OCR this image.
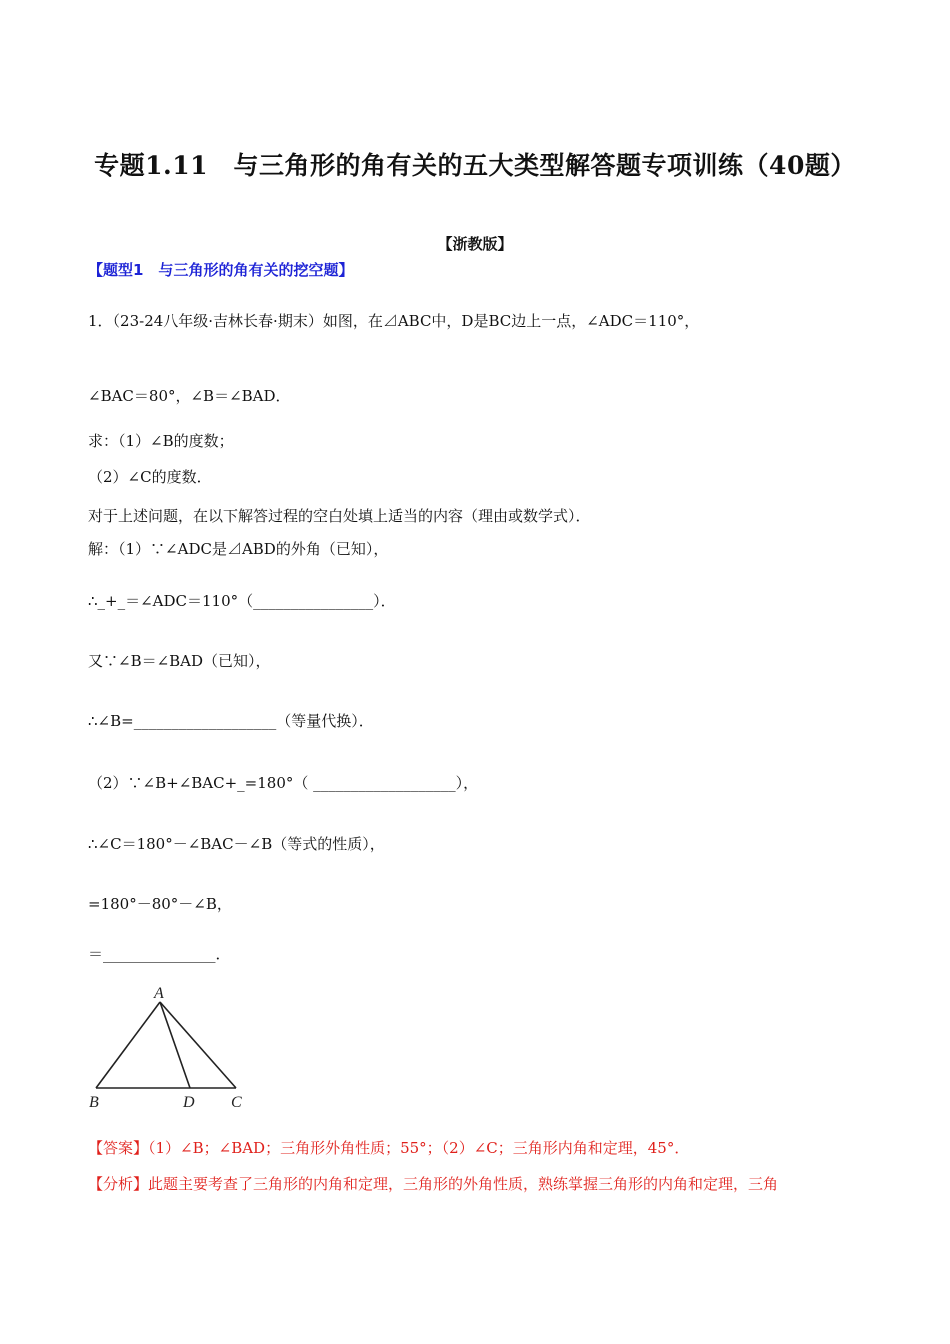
专题1.11　与三角形的角有关的五大类型解答题专项训练（40题）
【浙教版】
【题型1　与三角形的角有关的挖空题】
1．（23-24八年级·吉林长春·期末）如图，在⊿ABC中，D是BC边上一点，∠ADC＝110°，
∠BAC＝80°，∠B＝∠BAD．
求：（1）∠B的度数；
（2）∠C的度数．
对于上述问题，在以下解答过程的空白处填上适当的内容（理由或数学式）．
解：（1）∵∠ADC是⊿ABD的外角（已知），
∴_+_＝∠ADC＝110°（________________）．
又∵∠B＝∠BAD（已知），
∴∠B=___________________（等量代换）．
（2）∵∠B+∠BAC+_=180°（ ___________________），
∴∠C＝180°－∠BAC－∠B（等式的性质），
=180°－80°－∠B，
＝_______________．
A
B	D C
【答案】（1）∠B；∠BAD；三角形外角性质；55°；（2）∠C；三角形内角和定理，45°．
【分析】此题主要考查了三角形的内角和定理，三角形的外角性质，熟练掌握三角形的内角和定理，三角
